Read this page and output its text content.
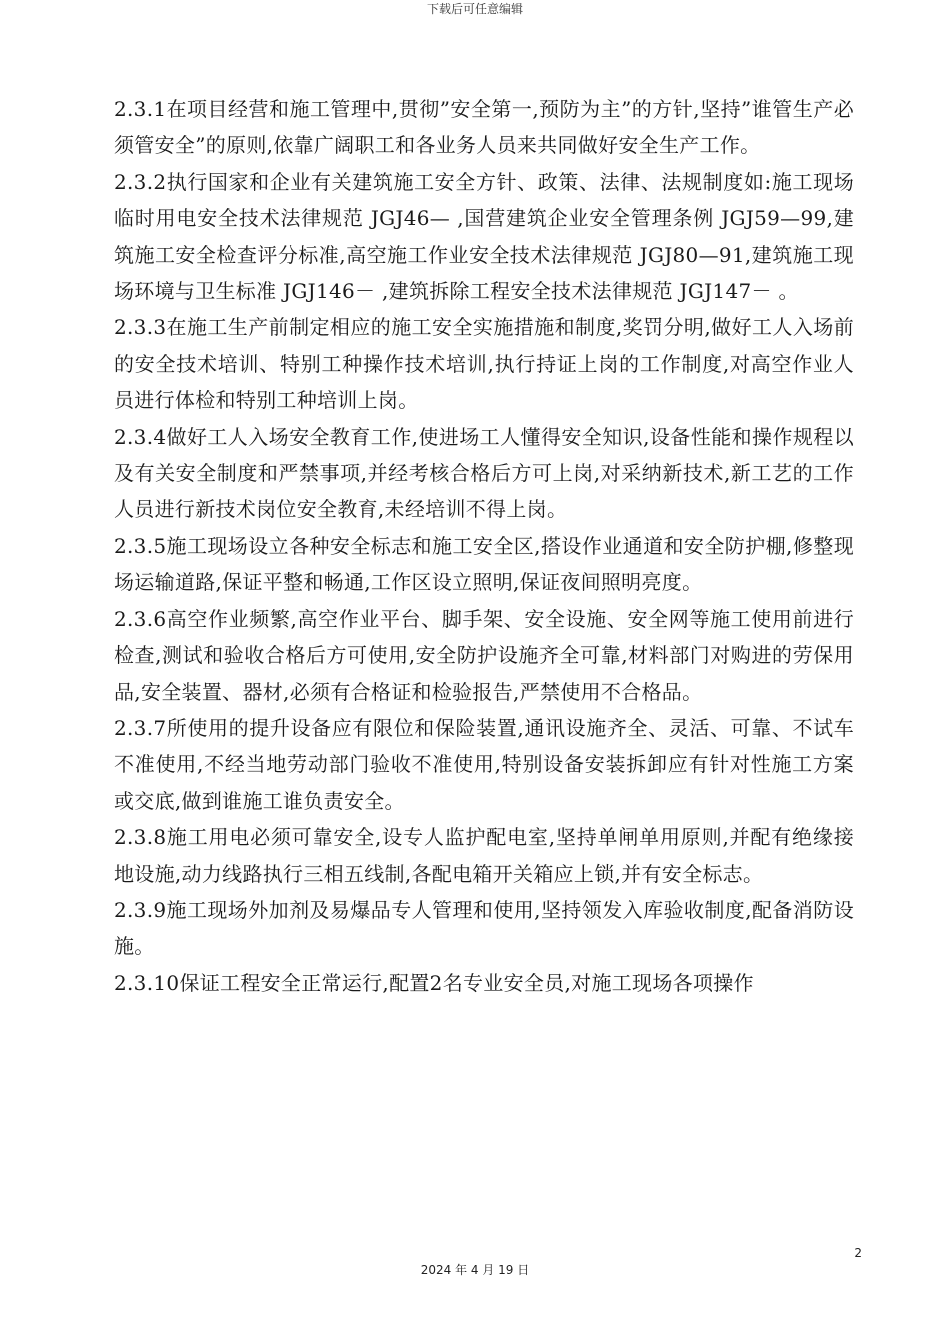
下载后可任意编辑

2.3.1在项目经营和施工管理中,贯彻”安全第一,预防为主”的方针,坚持”谁管生产必须管安全”的原则,依靠广阔职工和各业务人员来共同做好安全生产工作。

2.3.2执行国家和企业有关建筑施工安全方针、政策、法律、法规制度如:施工现场临时用电安全技术法律规范 JGJ46— ,国营建筑企业安全管理条例 JGJ59—99,建筑施工安全检查评分标准,高空施工作业安全技术法律规范 JGJ80—91,建筑施工现场环境与卫生标准 JGJ146－ ,建筑拆除工程安全技术法律规范 JGJ147－ 。

2.3.3在施工生产前制定相应的施工安全实施措施和制度,奖罚分明,做好工人入场前的安全技术培训、特别工种操作技术培训,执行持证上岗的工作制度,对高空作业人员进行体检和特别工种培训上岗。

2.3.4做好工人入场安全教育工作,使进场工人懂得安全知识,设备性能和操作规程以及有关安全制度和严禁事项,并经考核合格后方可上岗,对采纳新技术,新工艺的工作人员进行新技术岗位安全教育,未经培训不得上岗。

2.3.5施工现场设立各种安全标志和施工安全区,搭设作业通道和安全防护棚,修整现场运输道路,保证平整和畅通,工作区设立照明,保证夜间照明亮度。

2.3.6高空作业频繁,高空作业平台、脚手架、安全设施、安全网等施工使用前进行检查,测试和验收合格后方可使用,安全防护设施齐全可靠,材料部门对购进的劳保用品,安全装置、器材,必须有合格证和检验报告,严禁使用不合格品。

2.3.7所使用的提升设备应有限位和保险装置,通讯设施齐全、灵活、可靠、不试车不准使用,不经当地劳动部门验收不准使用,特别设备安装拆卸应有针对性施工方案或交底,做到谁施工谁负责安全。

2.3.8施工用电必须可靠安全,设专人监护配电室,坚持单闸单用原则,并配有绝缘接地设施,动力线路执行三相五线制,各配电箱开关箱应上锁,并有安全标志。

2.3.9施工现场外加剂及易爆品专人管理和使用,坚持领发入库验收制度,配备消防设施。

2.3.10保证工程安全正常运行,配置2名专业安全员,对施工现场各项操作

2
2024 年 4 月 19 日
